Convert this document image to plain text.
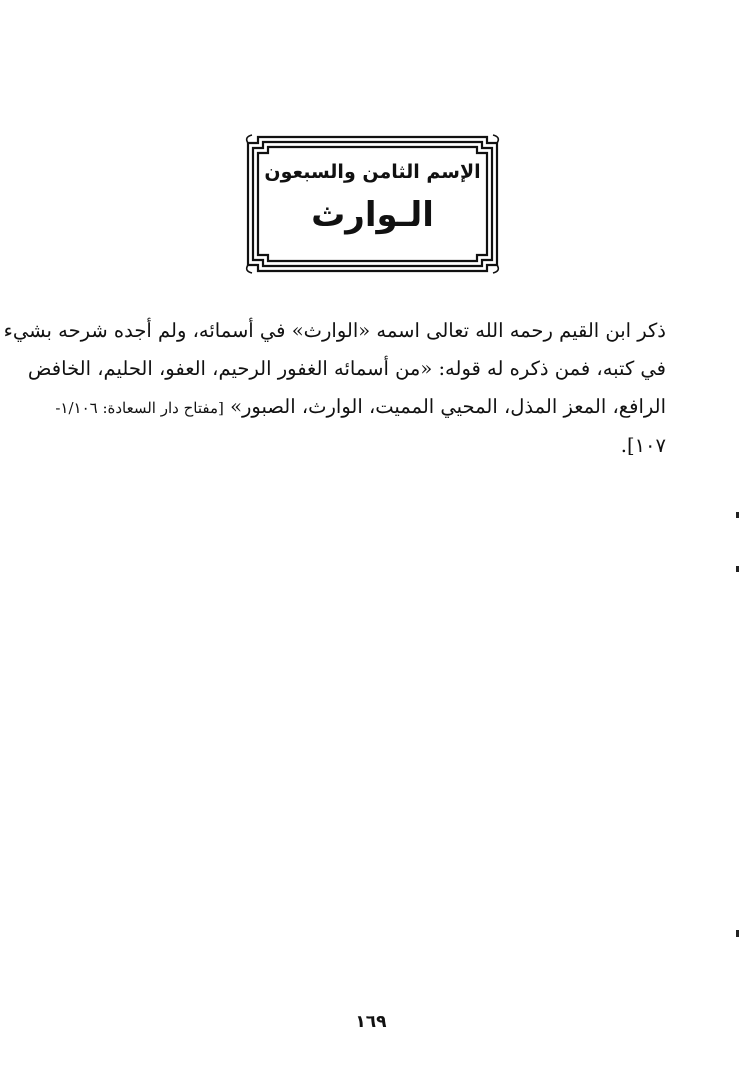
الإسم الثامن والسبعون
الـوارث
ذكر ابن القيم رحمه الله تعالى اسمه «الوارث» في أسمائه، ولم أجده شرحه بشيء
في كتبه، فمن ذكره له قوله: «من أسمائه الغفور الرحيم، العفو، الحليم، الخافض
الرافع، المعز المذل، المحيي المميت، الوارث، الصبور» [مفتاح دار السعادة: ١/١٠٦-
١٠٧].
١٦٩
